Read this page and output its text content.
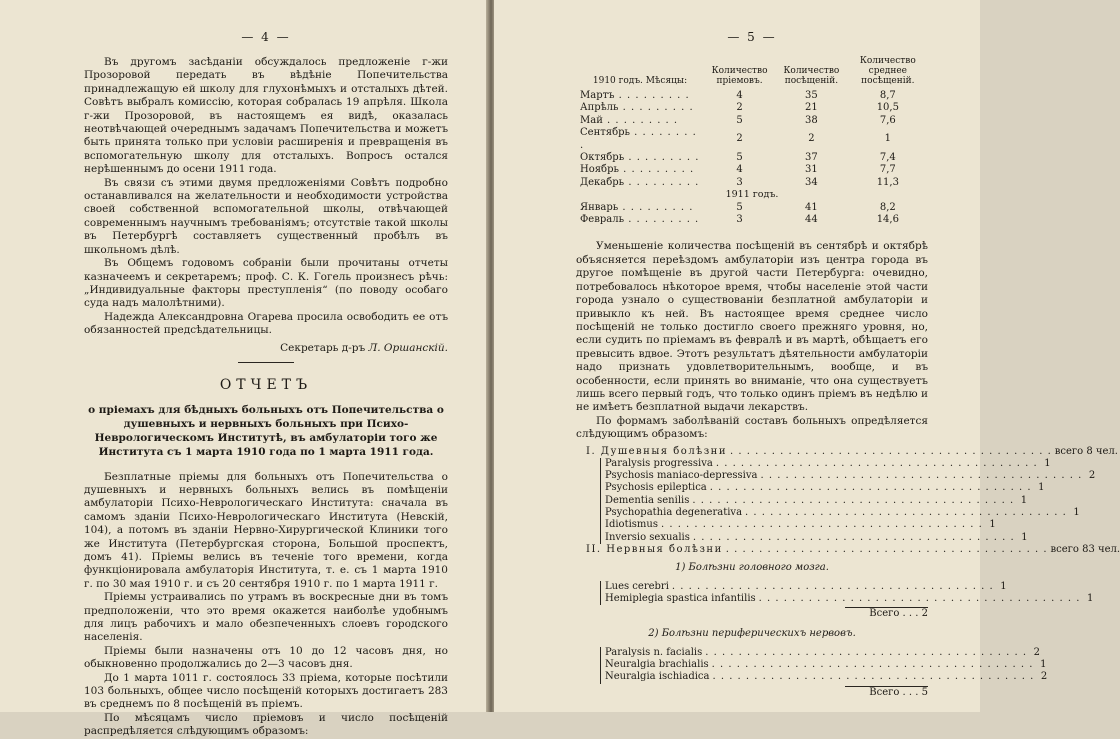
— 4 —

Въ другомъ засѣданіи обсуждалось предложеніе г-жи Прозоровой передать въ вѣдѣніе Попечительства принадлежащую ей школу для глухонѣмыхъ и отсталыхъ дѣтей. Совѣтъ выбралъ комиссію, которая собралась 19 апрѣля. Школа г-жи Прозоровой, въ настоящемъ ея видѣ, оказалась неотвѣчающей очереднымъ задачамъ Попечительства и можетъ быть принята только при условіи расширенія и превращенія въ вспомогательную школу для отсталыхъ. Вопросъ остался нерѣшеннымъ до осени 1911 года.

Въ связи съ этими двумя предложеніями Совѣтъ подробно останавливался на желательности и необходимости устройства своей собственной вспомогательной школы, отвѣчающей современнымъ научнымъ требованіямъ; отсутствіе такой школы въ Петербургѣ составляетъ существенный пробѣлъ въ школьномъ дѣлѣ.

Въ Общемъ годовомъ собраніи были прочитаны отчеты казначеемъ и секретаремъ; проф. С. К. Гогель произнесъ рѣчь: „Индивидуальные факторы преступленія“ (по поводу особаго суда надъ малолѣтними).

Надежда Александровна Огарева просила освободить ее отъ обязанностей предсѣдательницы.

Секретарь д-ръ Л. Оршанскій.
ОТЧЕТЪ
о пріемахъ для бѣдныхъ больныхъ отъ Попечительства о душевныхъ и нервныхъ больныхъ при Психо-Неврологическомъ Институтѣ, въ амбулаторіи того же Института съ 1 марта 1910 года по 1 марта 1911 года.

Безплатные пріемы для больныхъ отъ Попечительства о душевныхъ и нервныхъ больныхъ велись въ помѣщеніи амбулаторіи Психо-Неврологическаго Института: сначала въ самомъ зданіи Психо-Неврологическаго Института (Невскій, 104), а потомъ въ зданіи Нервно-Хирургической Клиники того же Института (Петербургская сторона, Большой проспектъ, домъ 41). Пріемы велись въ теченіе того времени, когда функціонировала амбулаторія Института, т. е. съ 1 марта 1910 г. по 30 мая 1910 г. и съ 20 сентября 1910 г. по 1 марта 1911 г.

Пріемы устраивались по утрамъ въ воскресные дни въ томъ предположеніи, что это время окажется наиболѣе удобнымъ для лицъ рабочихъ и мало обезпеченныхъ слоевъ городского населенія.

Пріемы были назначены отъ 10 до 12 часовъ дня, но обыкновенно продолжались до 2—3 часовъ дня.

До 1 марта 1011 г. состоялось 33 пріема, которые посѣтили 103 больныхъ, общее число посѣщеній которыхъ достигаетъ 283 въ среднемъ по 8 посѣщеній въ пріемъ.

По мѣсяцамъ число пріемовъ и число посѣщеній распредѣляется слѣдующимъ образомъ:

— 5 —
1910 годъ. Мѣсяцы:	Количество пріемовъ.	Количество посѣщеній.	Количество среднее посѣщеній.
Мартъ . . .	4	35	8,7
Апрѣль . . .	2	21	10,5
Май . . .	5	38	7,6
Сентябрь . . .	2	2	1
Октябрь . . .	5	37	7,4
Ноябрь . . .	4	31	7,7
Декабрь . . .	3	34	11,3
1911 годъ.			
Январь . . .	5	41	8,2
Февраль . . .	3	44	14,6

Уменьшеніе количества посѣщеній въ сентябрѣ и октябрѣ объясняется переѣздомъ амбулаторіи изъ центра города въ другое помѣщеніе въ другой части Петербурга: очевидно, потребовалось нѣкоторое время, чтобы населеніе этой части города узнало о существованіи безплатной амбулаторіи и привыкло къ ней. Въ настоящее время среднее число посѣщеній не только достигло своего прежняго уровня, но, если судить по пріемамъ въ февралѣ и въ мартѣ, обѣщаетъ его превысить вдвое. Этотъ результатъ дѣятельности амбулаторіи надо признать удовлетворительнымъ, вообще, и въ особенности, если принять во вниманіе, что она существуетъ лишь всего первый годъ, что только одинъ пріемъ въ недѣлю и не имѣетъ безплатной выдачи лекарствъ.

По формамъ заболѣваній составъ больныхъ опредѣляется слѣдующимъ образомъ:

I. Душевныя болѣзни . . .	всего 8 чел.
Paralysis progressiva . . .	1
Psychosis maniaco-depressiva . . .	2
Psychosis epileptica . . .	1
Dementia senilis . . .	1
Psychopathia degenerativa . . .	1
Idiotismus . . .	1
Inversio sexualis . . .	1
II. Нервныя болѣзни . . .	всего 83 чел.
1) Болѣзни головного мозга.
Lues cerebri . . .	1
Hemiplegia spastica infantilis . . .	1
Всего . . . 2
2) Болѣзни периферическихъ нервовъ.
Paralysis n. facialis . . .	2
Neuralgia brachialis . . .	1
Neuralgia ischiadica . . .	2
Всего . . . 5
